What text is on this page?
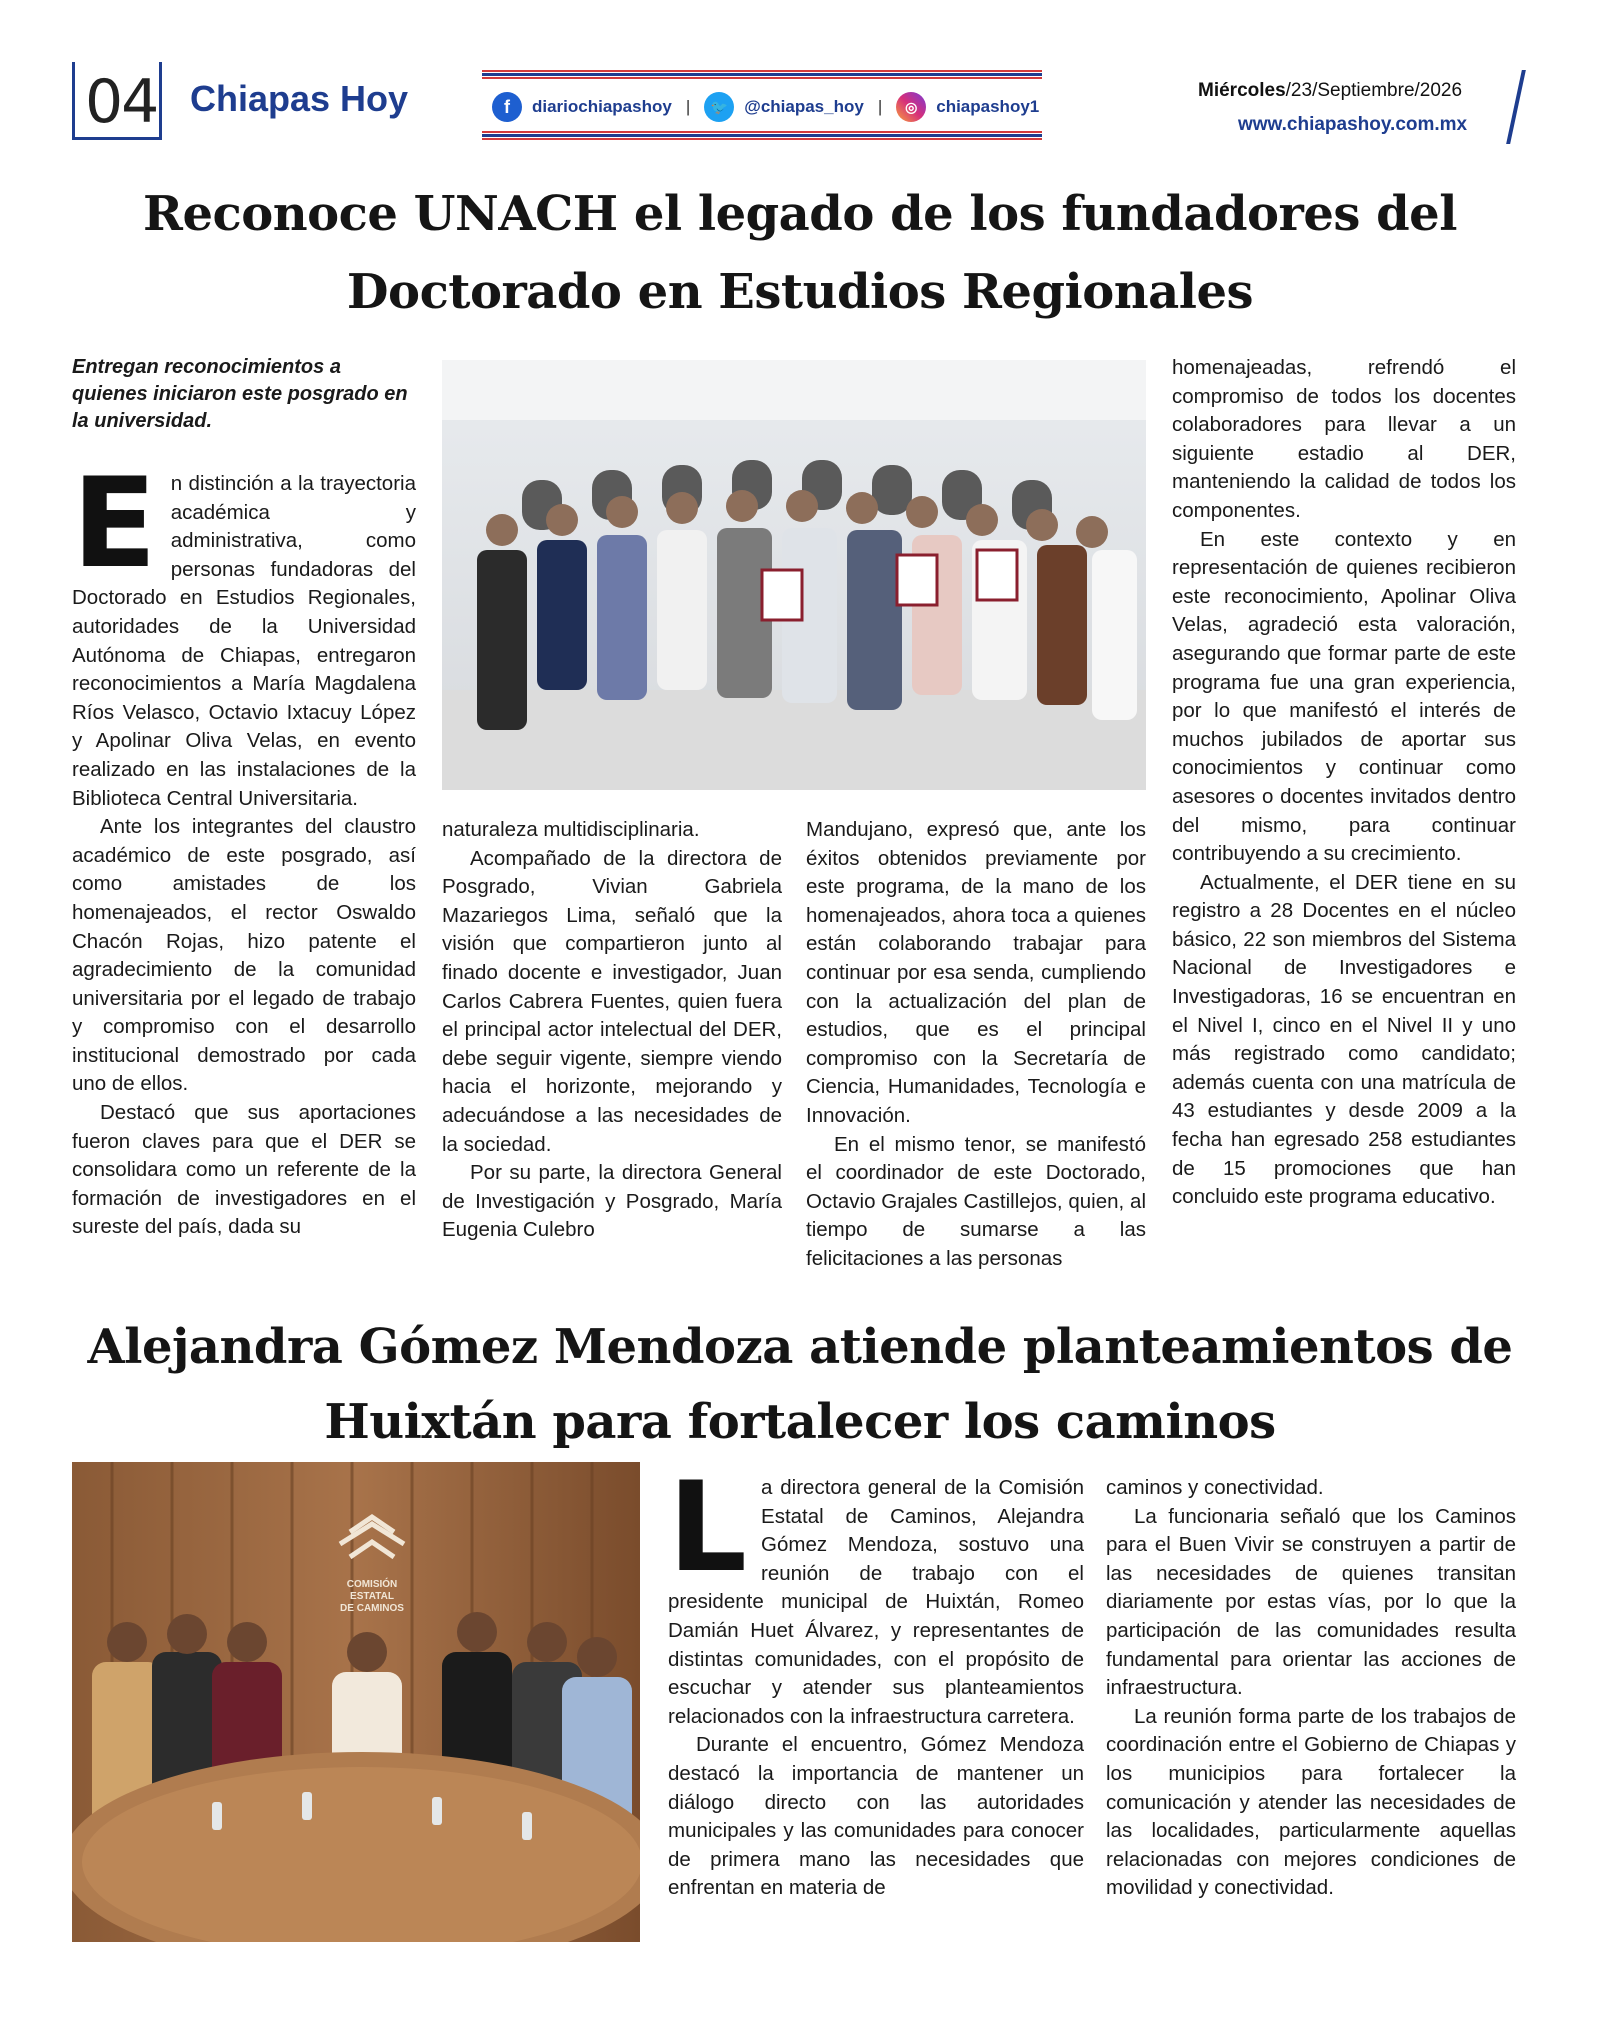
04 Chiapas Hoy	f	diariochiapashoy |	🐦 @chiapas_hoy |	◎	chiapashoy1
Miércoles/23/Septiembre/2026
www.chiapashoy.com.mx
Reconoce UNACH el legado de los fundadores del
Doctorado en Estudios Regionales
Entregan reconocimientos a quienes iniciaron este posgrado en la universidad.

En distinción a la trayectoria académica y administrativa, como personas fundadoras del Doctorado en Estudios Regionales, autoridades de la Universidad Autónoma de Chiapas, entregaron reconocimientos a María Magdalena Ríos Velasco, Octavio Ixtacuy López y Apolinar Oliva Velas, en evento realizado en las instalaciones de la Biblioteca Central Universitaria.

Ante los integrantes del claustro académico de este posgrado, así como amistades de los homenajeados, el rector Oswaldo Chacón Rojas, hizo patente el agradecimiento de la comunidad universitaria por el legado de trabajo y compromiso con el desarrollo institucional demostrado por cada uno de ellos.

Destacó que sus aportaciones fueron claves para que el DER se consolidara como un referente de la formación de investigadores en el sureste del país, dada su

naturaleza multidisciplinaria.

Acompañado de la directora de Posgrado, Vivian Gabriela Mazariegos Lima, señaló que la visión que compartieron junto al finado docente e investigador, Juan Carlos Cabrera Fuentes, quien fuera el principal actor intelectual del DER, debe seguir vigente, siempre viendo hacia el horizonte, mejorando y adecuándose a las necesidades de la sociedad.

Por su parte, la directora General de Investigación y Posgrado, María Eugenia Culebro

Mandujano, expresó que, ante los éxitos obtenidos previamente por este programa, de la mano de los homenajeados, ahora toca a quienes están colaborando trabajar para continuar por esa senda, cumpliendo con la actualización del plan de estudios, que es el principal compromiso con la Secretaría de Ciencia, Humanidades, Tecnología e Innovación.

En el mismo tenor, se manifestó el coordinador de este Doctorado, Octavio Grajales Castillejos, quien, al tiempo de sumarse a las felicitaciones a las personas

homenajeadas, refrendó el compromiso de todos los docentes colaboradores para llevar a un siguiente estadio al DER, manteniendo la calidad de todos los componentes.

En este contexto y en representación de quienes recibieron este reconocimiento, Apolinar Oliva Velas, agradeció esta valoración, asegurando que formar parte de este programa fue una gran experiencia, por lo que manifestó el interés de muchos jubilados de aportar sus conocimientos y continuar como asesores o docentes invitados dentro del mismo, para continuar contribuyendo a su crecimiento.

Actualmente, el DER tiene en su registro a 28 Docentes en el núcleo básico, 22 son miembros del Sistema Nacional de Investigadores e Investigadoras, 16 se encuentran en el Nivel I, cinco en el Nivel II y uno más registrado como candidato; además cuenta con una matrícula de 43 estudiantes y desde 2009 a la fecha han egresado 258 estudiantes de 15 promociones que han concluido este programa educativo.

Alejandra Gómez Mendoza atiende planteamientos de
Huixtán para fortalecer los caminos
COMISIÓN
ESTATAL
DE CAMINOS

La directora general de la Comisión Estatal de Caminos, Alejandra Gómez Mendoza, sostuvo una reunión de trabajo con el presidente municipal de Huixtán, Romeo Damián Huet Álvarez, y representantes de distintas comunidades, con el propósito de escuchar y atender sus planteamientos relacionados con la infraestructura carretera.

Durante el encuentro, Gómez Mendoza destacó la importancia de mantener un diálogo directo con las autoridades municipales y las comunidades para conocer de primera mano las necesidades que enfrentan en materia de

caminos y conectividad.

La funcionaria señaló que los Caminos para el Buen Vivir se construyen a partir de las necesidades de quienes transitan diariamente por estas vías, por lo que la participación de las comunidades resulta fundamental para orientar las acciones de infraestructura.

La reunión forma parte de los trabajos de coordinación entre el Gobierno de Chiapas y los municipios para fortalecer la comunicación y atender las necesidades de las localidades, particularmente aquellas relacionadas con mejores condiciones de movilidad y conectividad.
